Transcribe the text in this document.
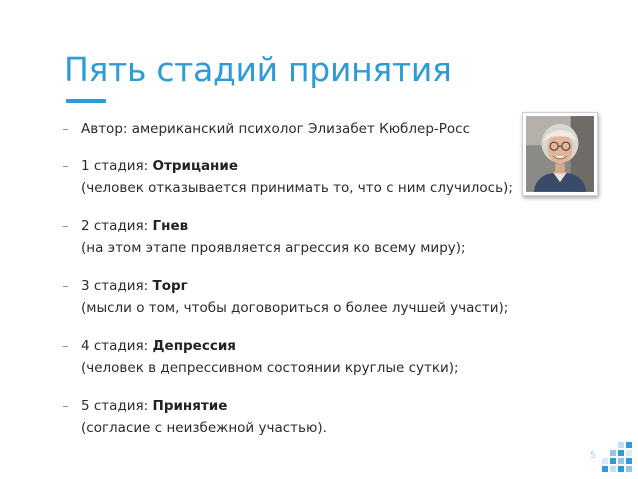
Пять стадий принятия
– Автор: американский психолог Элизабет Кюблер-Росс
– 1 стадия: Отрицание
(человек отказывается принимать то, что с ним случилось);
– 2 стадия: Гнев
(на этом этапе проявляется агрессия ко всему миру);
– 3 стадия: Торг
(мысли о том, чтобы договориться о более лучшей участи);
– 4 стадия: Депрессия
(человек в депрессивном состоянии круглые сутки);
– 5 стадия: Принятие
(согласие с неизбежной участью).
5
